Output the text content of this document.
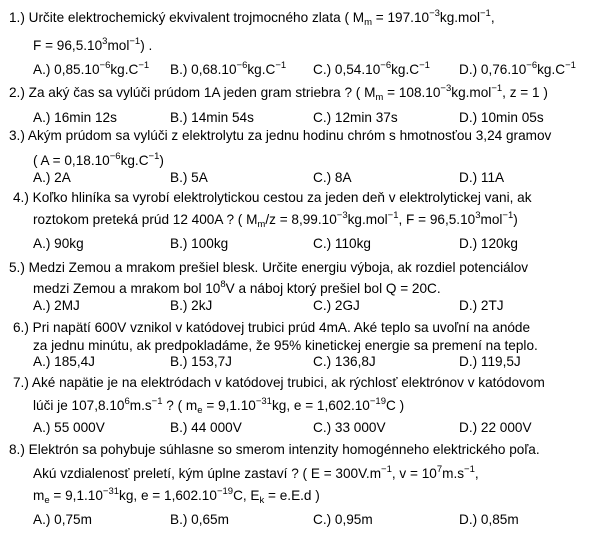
1.) Určite elektrochemický ekvivalent trojmocného zlata ( $M_m = 197.10^{-3}kg.mol^{-1}$,
$F = 96,5.10^3mol^{-1}$) .
A.) $0,85.10^{-6}kg.C^{-1}$ B.) $0,68.10^{-6}kg.C^{-1}$ C.) $0,54.10^{-6}kg.C^{-1}$ D.) $0,76.10^{-6}kg.C^{-1}$
2.) Za aký čas sa vylúči prúdom 1A jeden gram striebra ? ( $M_m = 108.10^{-3}kg.mol^{-1}$, z = 1 )
A.) 16min 12s	B.) 14min 54s	C.) 12min 37s	D.) 10min 05s
3.) Akým prúdom sa vylúči z elektrolytu za jednu hodinu chróm s hmotnosťou 3,24 gramov
( $A = 0,18.10^{-6}kg.C^{-1}$)
A.) 2A	B.) 5A	C.) 8A	D.) 11A
4.) Koľko hliníka sa vyrobí elektrolytickou cestou za jeden deň v elektrolytickej vani, ak
roztokom preteká prúd 12 400A ? ( $M_m/z = 8,99.10^{-3}kg.mol^{-1}$, $F = 96,5.10^3mol^{-1}$)
A.) 90kg	B.) 100kg	C.) 110kg	D.) 120kg
5.) Medzi Zemou a mrakom prešiel blesk. Určite energiu výboja, ak rozdiel potenciálov
medzi Zemou a mrakom bol $10^8V$ a náboj ktorý prešiel bol Q = 20C.
A.) 2MJ	B.) 2kJ	C.) 2GJ	D.) 2TJ
6.) Pri napätí 600V vznikol v katódovej trubici prúd 4mA. Aké teplo sa uvoľní na anóde
za jednu minútu, ak predpokladáme, že 95% kinetickej energie sa premení na teplo.
A.) 185,4J	B.) 153,7J	C.) 136,8J	D.) 119,5J
7.) Aké napätie je na elektródach v katódovej trubici, ak rýchlosť elektrónov v katódovom
lúči je $107,8.10^6m.s^{-1}$ ? ( $m_e = 9,1.10^{-31}kg$, $e = 1,602.10^{-19}C$ )
A.) 55 000V	B.) 44 000V	C.) 33 000V	D.) 22 000V
8.) Elektrón sa pohybuje súhlasne so smerom intenzity homogénneho elektrického poľa.
Akú vzdialenosť preletí, kým úplne zastaví ? ( $E = 300V.m^{-1}$, $v = 10^7m.s^{-1}$,
$m_e = 9,1.10^{-31}kg$, $e = 1,602.10^{-19}C$, $E_k = e.E.d$ )
A.) 0,75m	B.) 0,65m	C.) 0,95m	D.) 0,85m
